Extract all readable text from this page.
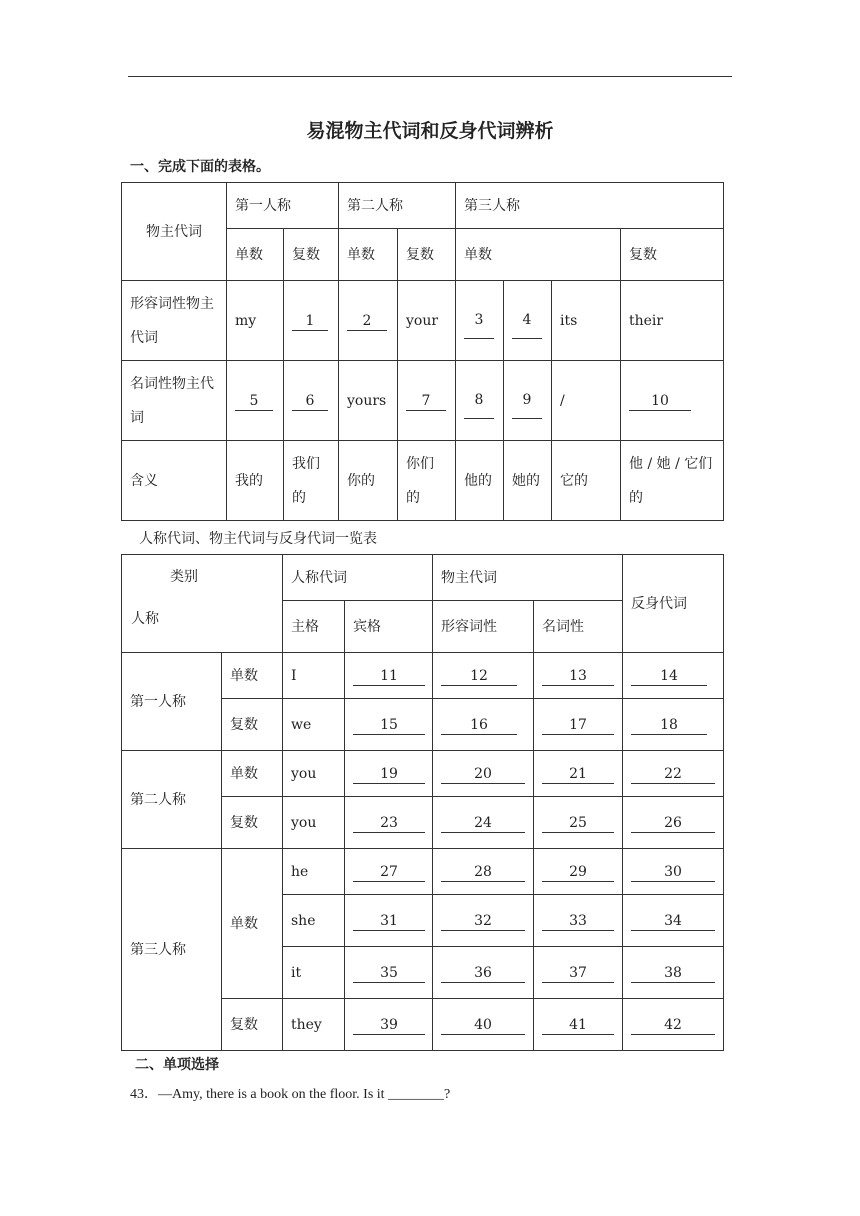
易混物主代词和反身代词辨析
一、完成下面的表格。
物主代词	第一人称		第二人称		第三人称			
	单数	复数	单数	复数	单数			复数
形容词性物主代词	my	1	2	your	3	4	its	their
名词性物主代词	5	6	yours	7	8	9	/	10
含义	我的	我们的	你的	你们的	他的	她的	它的	他 / 她 / 它们的
人称代词、物主代词与反身代词一览表
类别
人称		人称代词		物主代词		反身代词
		主格	宾格	形容词性	名词性	
第一人称	单数	I	11	12	13	14
	复数	we	15	16	17	18
第二人称	单数	you	19	20	21	22
	复数	you	23	24	25	26
第三人称	单数	he	27	28	29	30
		she	31	32	33	34
		it	35	36	37	38
	复数	they	39	40	41	42
二、单项选择
43．—Amy, there is a book on the floor. Is it ________?
